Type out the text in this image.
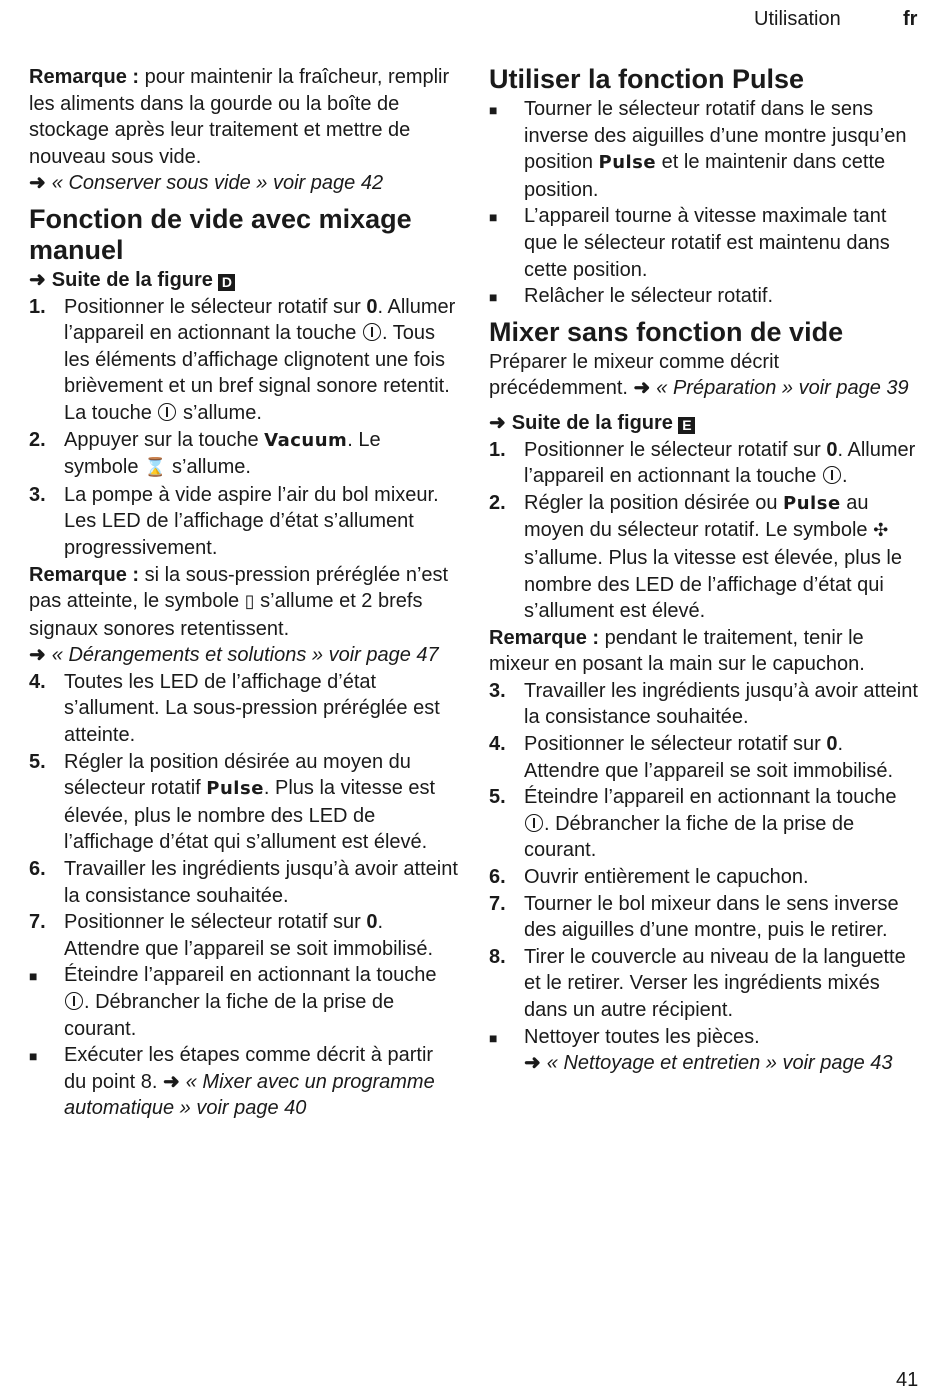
Utilisation	fr

Remarque : pour maintenir la fraîcheur, remplir les aliments dans la gourde ou la boîte de stockage après leur traitement et mettre de nouveau sous vide.

➜ « Conserver sous vide » voir page 42

Fonction de vide avec mixage manuel

➜ Suite de la figure D

1. Positionner le sélecteur rotatif sur 0. Allumer l’appareil en actionnant la touche . Tous les éléments d’affichage clignotent une fois brièvement et un bref signal sonore retentit. La touche  s’allume.
2. Appuyer sur la touche Vacuum. Le symbole ⌛ s’allume.
3. La pompe à vide aspire l’air du bol mixeur. Les LED de l’affichage d’état s’allument progressivement.

Remarque : si la sous-pression préréglée n’est pas atteinte, le symbole ▯ s’allume et 2 brefs signaux sonores retentissent.

➜ « Dérangements et solutions » voir page 47

4. Toutes les LED de l’affichage d’état s’allument. La sous-pression préréglée est atteinte.
5. Régler la position désirée au moyen du sélecteur rotatif Pulse. Plus la vitesse est élevée, plus le nombre des LED de l’affichage d’état qui s’allument est élevé.
6. Travailler les ingrédients jusqu’à avoir atteint la consistance souhaitée.
7. Positionner le sélecteur rotatif sur 0. Attendre que l’appareil se soit immobilisé.
■ Éteindre l’appareil en actionnant la touche . Débrancher la fiche de la prise de courant.
■ Exécuter les étapes comme décrit à partir du point 8. ➜ « Mixer avec un programme automatique » voir page 40

Utiliser la fonction Pulse

■ Tourner le sélecteur rotatif dans le sens inverse des aiguilles d’une montre jusqu’en position Pulse et le maintenir dans cette position.
■ L’appareil tourne à vitesse maximale tant que le sélecteur rotatif est maintenu dans cette position.
■ Relâcher le sélecteur rotatif.

Mixer sans fonction de vide

Préparer le mixeur comme décrit précédemment. ➜ « Préparation » voir page 39

➜ Suite de la figure E

1. Positionner le sélecteur rotatif sur 0. Allumer l’appareil en actionnant la touche .
2. Régler la position désirée ou Pulse au moyen du sélecteur rotatif. Le symbole ✣ s’allume. Plus la vitesse est élevée, plus le nombre des LED de l’affichage d’état qui s’allument est élevé.

Remarque : pendant le traitement, tenir le mixeur en posant la main sur le capuchon.

3. Travailler les ingrédients jusqu’à avoir atteint la consistance souhaitée.
4. Positionner le sélecteur rotatif sur 0. Attendre que l’appareil se soit immobilisé.
5. Éteindre l’appareil en actionnant la touche . Débrancher la fiche de la prise de courant.
6. Ouvrir entièrement le capuchon.
7. Tourner le bol mixeur dans le sens inverse des aiguilles d’une montre, puis le retirer.
8. Tirer le couvercle au niveau de la languette et le retirer. Verser les ingrédients mixés dans un autre récipient.
■ Nettoyer toutes les pièces.
➜ « Nettoyage et entretien » voir page 43
41
